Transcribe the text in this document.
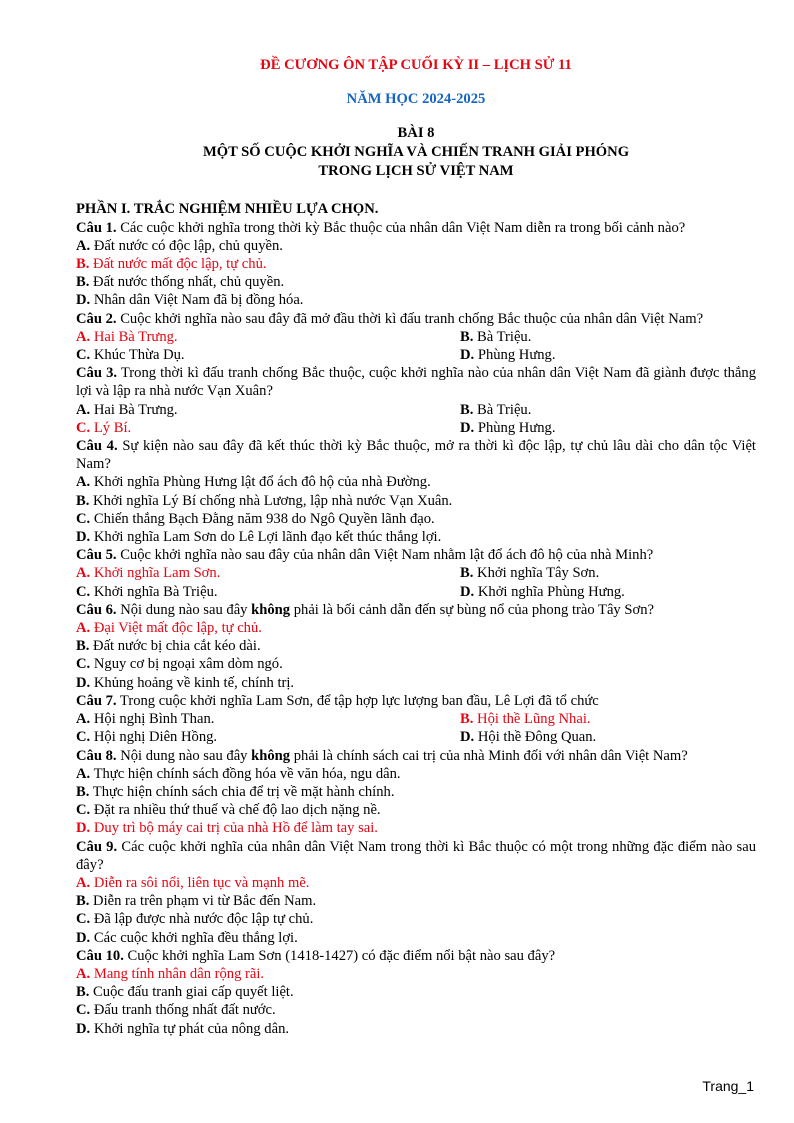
ĐỀ CƯƠNG ÔN TẬP CUỐI KỲ II – LỊCH SỬ 11

NĂM HỌC 2024-2025

BÀI 8

MỘT SỐ CUỘC KHỞI NGHĨA VÀ CHIẾN TRANH GIẢI PHÓNG

TRONG LỊCH SỬ VIỆT NAM

PHẦN I. TRẮC NGHIỆM NHIỀU LỰA CHỌN.

Câu 1. Các cuộc khởi nghĩa trong thời kỳ Bắc thuộc của nhân dân Việt Nam diễn ra trong bối cảnh nào?

A. Đất nước có độc lập, chủ quyền.

B. Đất nước mất độc lập, tự chủ.

B. Đất nước thống nhất, chủ quyền.

D. Nhân dân Việt Nam đã bị đồng hóa.

Câu 2. Cuộc khởi nghĩa nào sau đây đã mở đầu thời kì đấu tranh chống Bắc thuộc của nhân dân Việt Nam?

A. Hai Bà Trưng.	B. Bà Triệu.

C. Khúc Thừa Dụ.	D. Phùng Hưng.

Câu 3. Trong thời kì đấu tranh chống Bắc thuộc, cuộc khởi nghĩa nào của nhân dân Việt Nam đã giành được thắng lợi và lập ra nhà nước Vạn Xuân?

A. Hai Bà Trưng.	B. Bà Triệu.

C. Lý Bí.	D. Phùng Hưng.

Câu 4. Sự kiện nào sau đây đã kết thúc thời kỳ Bắc thuộc, mở ra thời kì độc lập, tự chủ lâu dài cho dân tộc Việt Nam?

A. Khởi nghĩa Phùng Hưng lật đổ ách đô hộ của nhà Đường.

B. Khởi nghĩa Lý Bí chống nhà Lương, lập nhà nước Vạn Xuân.

C. Chiến thắng Bạch Đằng năm 938 do Ngô Quyền lãnh đạo.

D. Khởi nghĩa Lam Sơn do Lê Lợi lãnh đạo kết thúc thắng lợi.

Câu 5. Cuộc khởi nghĩa nào sau đây của nhân dân Việt Nam nhằm lật đổ ách đô hộ của nhà Minh?

A. Khởi nghĩa Lam Sơn.	B. Khởi nghĩa Tây Sơn.

C. Khởi nghĩa Bà Triệu.	D. Khởi nghĩa Phùng Hưng.

Câu 6. Nội dung nào sau đây không phải là bối cảnh dẫn đến sự bùng nổ của phong trào Tây Sơn?

A. Đại Việt mất độc lập, tự chủ.

B. Đất nước bị chia cắt kéo dài.

C. Nguy cơ bị ngoại xâm dòm ngó.

D. Khủng hoảng về kinh tế, chính trị.

Câu 7. Trong cuộc khởi nghĩa Lam Sơn, để tập hợp lực lượng ban đầu, Lê Lợi đã tổ chức

A. Hội nghị Bình Than.	B. Hội thề Lũng Nhai.

C. Hội nghị Diên Hồng.	D. Hội thề Đông Quan.

Câu 8. Nội dung nào sau đây không phải là chính sách cai trị của nhà Minh đối với nhân dân Việt Nam?

A. Thực hiện chính sách đồng hóa về văn hóa, ngu dân.

B. Thực hiện chính sách chia để trị về mặt hành chính.

C. Đặt ra nhiều thứ thuế và chế độ lao dịch nặng nề.

D. Duy trì bộ máy cai trị của nhà Hồ để làm tay sai.

Câu 9. Các cuộc khởi nghĩa của nhân dân Việt Nam trong thời kì Bắc thuộc có một trong những đặc điểm nào sau đây?

A. Diễn ra sôi nổi, liên tục và mạnh mẽ.

B. Diễn ra trên phạm vi từ Bắc đến Nam.

C. Đã lập được nhà nước độc lập tự chủ.

D. Các cuộc khởi nghĩa đều thắng lợi.

Câu 10. Cuộc khởi nghĩa Lam Sơn (1418-1427) có đặc điểm nổi bật nào sau đây?

A. Mang tính nhân dân rộng rãi.

B. Cuộc đấu tranh giai cấp quyết liệt.

C. Đấu tranh thống nhất đất nước.

D. Khởi nghĩa tự phát của nông dân.

Trang_1
